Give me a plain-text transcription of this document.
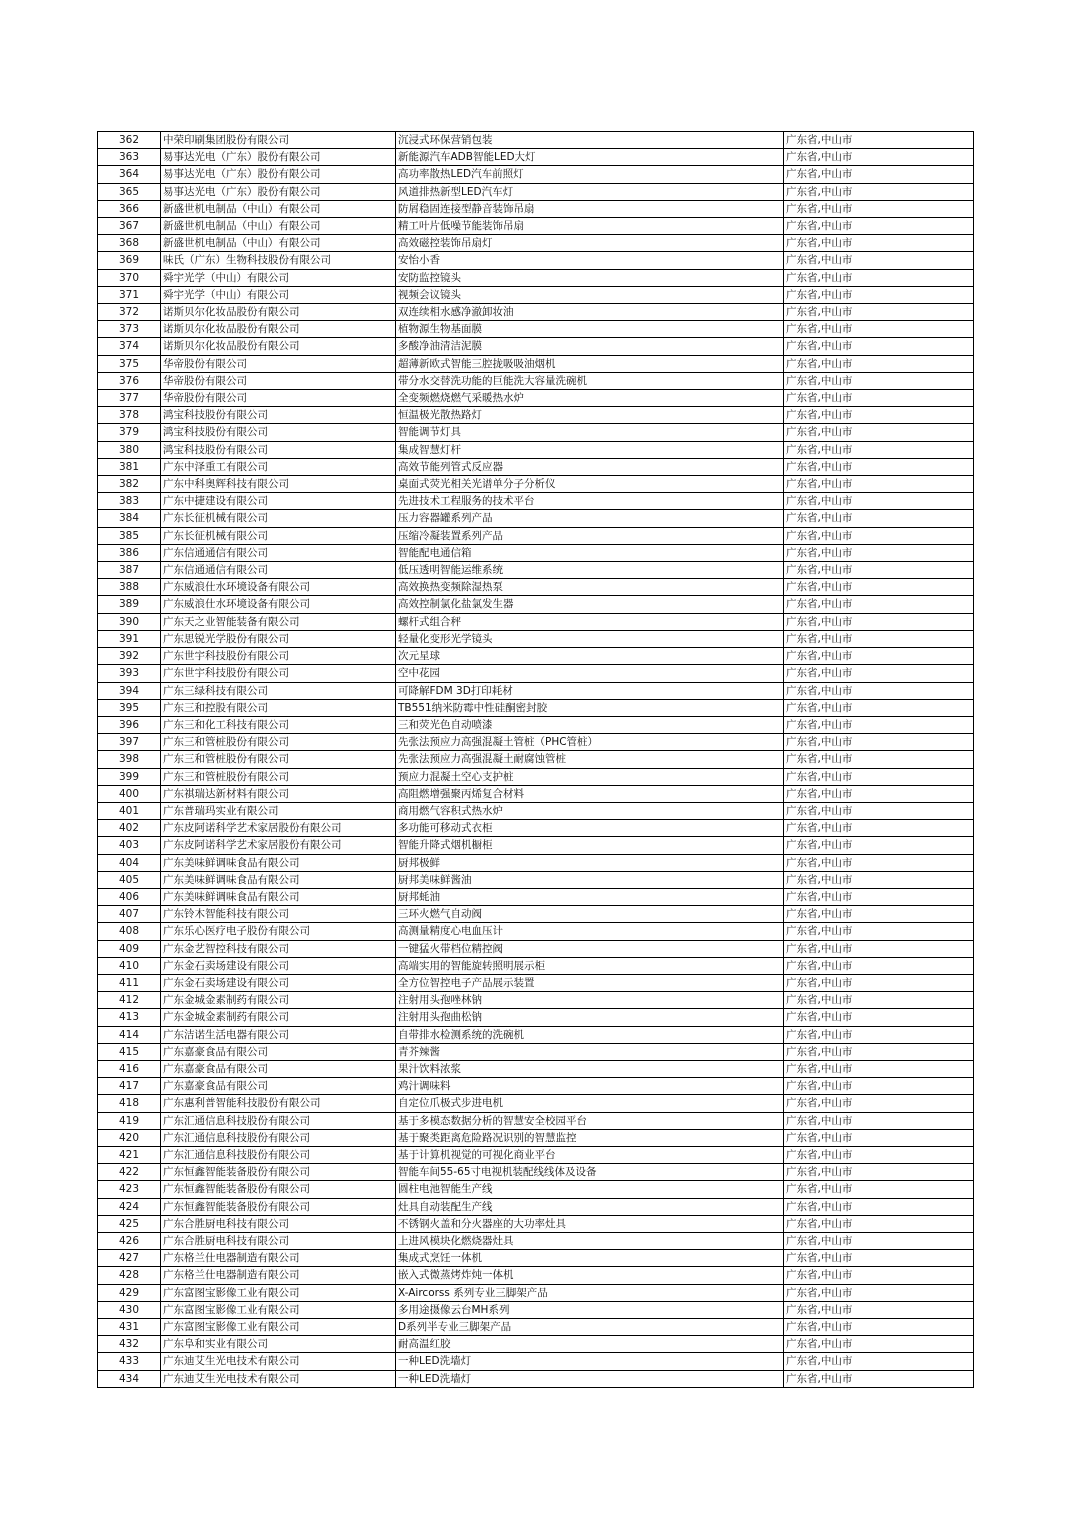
362	中荣印刷集团股份有限公司	沉浸式环保营销包装	广东省,中山市
363	易事达光电（广东）股份有限公司	新能源汽车ADB智能LED大灯	广东省,中山市
364	易事达光电（广东）股份有限公司	高功率散热LED汽车前照灯	广东省,中山市
365	易事达光电（广东）股份有限公司	风道排热新型LED汽车灯	广东省,中山市
366	新盛世机电制品（中山）有限公司	防屑稳固连接型静音装饰吊扇	广东省,中山市
367	新盛世机电制品（中山）有限公司	精工叶片低噪节能装饰吊扇	广东省,中山市
368	新盛世机电制品（中山）有限公司	高效磁控装饰吊扇灯	广东省,中山市
369	味氏（广东）生物科技股份有限公司	安怡小香	广东省,中山市
370	舜宇光学（中山）有限公司	安防监控镜头	广东省,中山市
371	舜宇光学（中山）有限公司	视频会议镜头	广东省,中山市
372	诺斯贝尔化妆品股份有限公司	双连续相水感净澈卸妆油	广东省,中山市
373	诺斯贝尔化妆品股份有限公司	植物源生物基面膜	广东省,中山市
374	诺斯贝尔化妆品股份有限公司	多酸净油清洁泥膜	广东省,中山市
375	华帝股份有限公司	超薄新欧式智能三腔拢吸吸油烟机	广东省,中山市
376	华帝股份有限公司	带分水交替洗功能的巨能洗大容量洗碗机	广东省,中山市
377	华帝股份有限公司	全变频燃烧燃气采暖热水炉	广东省,中山市
378	鸿宝科技股份有限公司	恒温极光散热路灯	广东省,中山市
379	鸿宝科技股份有限公司	智能调节灯具	广东省,中山市
380	鸿宝科技股份有限公司	集成智慧灯杆	广东省,中山市
381	广东中泽重工有限公司	高效节能列管式反应器	广东省,中山市
382	广东中科奥辉科技有限公司	桌面式荧光相关光谱单分子分析仪	广东省,中山市
383	广东中捷建设有限公司	先进技术工程服务的技术平台	广东省,中山市
384	广东长征机械有限公司	压力容器罐系列产品	广东省,中山市
385	广东长征机械有限公司	压缩冷凝装置系列产品	广东省,中山市
386	广东信通通信有限公司	智能配电通信箱	广东省,中山市
387	广东信通通信有限公司	低压透明智能运维系统	广东省,中山市
388	广东威浪仕水环境设备有限公司	高效换热变频除湿热泵	广东省,中山市
389	广东威浪仕水环境设备有限公司	高效控制氯化盐氯发生器	广东省,中山市
390	广东天之业智能装备有限公司	螺杆式组合秤	广东省,中山市
391	广东思锐光学股份有限公司	轻量化变形光学镜头	广东省,中山市
392	广东世宇科技股份有限公司	次元星球	广东省,中山市
393	广东世宇科技股份有限公司	空中花园	广东省,中山市
394	广东三绿科技有限公司	可降解FDM 3D打印耗材	广东省,中山市
395	广东三和控股有限公司	TB551纳米防霉中性硅酮密封胶	广东省,中山市
396	广东三和化工科技有限公司	三和荧光色自动喷漆	广东省,中山市
397	广东三和管桩股份有限公司	先张法预应力高强混凝土管桩（PHC管桩）	广东省,中山市
398	广东三和管桩股份有限公司	先张法预应力高强混凝土耐腐蚀管桩	广东省,中山市
399	广东三和管桩股份有限公司	预应力混凝土空心支护桩	广东省,中山市
400	广东祺瑞达新材料有限公司	高阻燃增强聚丙烯复合材料	广东省,中山市
401	广东普瑞玛实业有限公司	商用燃气容积式热水炉	广东省,中山市
402	广东皮阿诺科学艺术家居股份有限公司	多功能可移动式衣柜	广东省,中山市
403	广东皮阿诺科学艺术家居股份有限公司	智能升降式烟机橱柜	广东省,中山市
404	广东美味鲜调味食品有限公司	厨邦极鲜	广东省,中山市
405	广东美味鲜调味食品有限公司	厨邦美味鲜酱油	广东省,中山市
406	广东美味鲜调味食品有限公司	厨邦蚝油	广东省,中山市
407	广东铃木智能科技有限公司	三环火燃气自动阀	广东省,中山市
408	广东乐心医疗电子股份有限公司	高测量精度心电血压计	广东省,中山市
409	广东金艺智控科技有限公司	一键猛火带档位精控阀	广东省,中山市
410	广东金石卖场建设有限公司	高端实用的智能旋转照明展示柜	广东省,中山市
411	广东金石卖场建设有限公司	全方位智控电子产品展示装置	广东省,中山市
412	广东金城金素制药有限公司	注射用头孢唑林钠	广东省,中山市
413	广东金城金素制药有限公司	注射用头孢曲松钠	广东省,中山市
414	广东洁诺生活电器有限公司	自带排水检测系统的洗碗机	广东省,中山市
415	广东嘉豪食品有限公司	青芥辣酱	广东省,中山市
416	广东嘉豪食品有限公司	果汁饮料浓浆	广东省,中山市
417	广东嘉豪食品有限公司	鸡汁调味料	广东省,中山市
418	广东惠利普智能科技股份有限公司	自定位爪极式步进电机	广东省,中山市
419	广东汇通信息科技股份有限公司	基于多模态数据分析的智慧安全校园平台	广东省,中山市
420	广东汇通信息科技股份有限公司	基于聚类距离危险路况识别的智慧监控	广东省,中山市
421	广东汇通信息科技股份有限公司	基于计算机视觉的可视化商业平台	广东省,中山市
422	广东恒鑫智能装备股份有限公司	智能车间55-65寸电视机装配线线体及设备	广东省,中山市
423	广东恒鑫智能装备股份有限公司	圆柱电池智能生产线	广东省,中山市
424	广东恒鑫智能装备股份有限公司	灶具自动装配生产线	广东省,中山市
425	广东合胜厨电科技有限公司	不锈钢火盖和分火器座的大功率灶具	广东省,中山市
426	广东合胜厨电科技有限公司	上进风模块化燃烧器灶具	广东省,中山市
427	广东格兰仕电器制造有限公司	集成式烹饪一体机	广东省,中山市
428	广东格兰仕电器制造有限公司	嵌入式微蒸烤炸炖一体机	广东省,中山市
429	广东富图宝影像工业有限公司	X-Aircorss 系列专业三脚架产品	广东省,中山市
430	广东富图宝影像工业有限公司	多用途摄像云台MH系列	广东省,中山市
431	广东富图宝影像工业有限公司	D系列半专业三脚架产品	广东省,中山市
432	广东阜和实业有限公司	耐高温红胶	广东省,中山市
433	广东迪艾生光电技术有限公司	一种LED洗墙灯	广东省,中山市
434	广东迪艾生光电技术有限公司	一种LED洗墙灯	广东省,中山市
